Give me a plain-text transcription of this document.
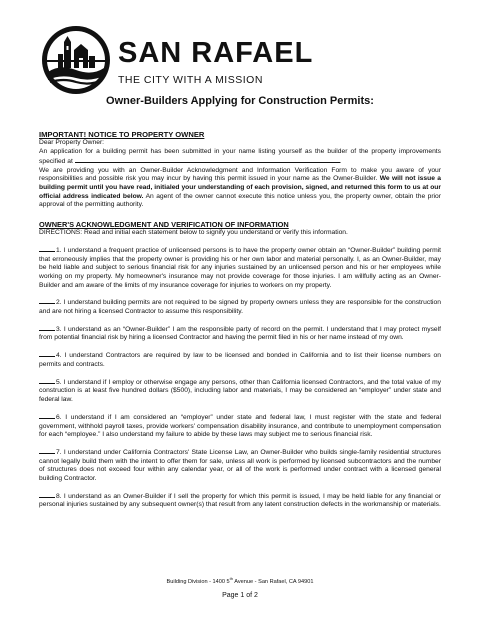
SAN RAFAEL
THE CITY WITH A MISSION
Owner-Builders Applying for Construction Permits:
IMPORTANT! NOTICE TO PROPERTY OWNER

Dear Property Owner:

An application for a building permit has been submitted in your name listing yourself as the builder of the property improvements specified at	.

We are providing you with an Owner-Builder Acknowledgment and Information Verification Form to make you aware of your responsibilities and possible risk you may incur by having this permit issued in your name as the Owner-Builder. We will not issue a building permit until you have read, initialed your understanding of each provision, signed, and returned this form to us at our official address indicated below. An agent of the owner cannot execute this notice unless you, the property owner, obtain the prior approval of the permitting authority.

OWNER'S ACKNOWLEDGMENT AND VERIFICATION OF INFORMATION

DIRECTIONS: Read and initial each statement below to signify you understand or verify this information.

1. I understand a frequent practice of unlicensed persons is to have the property owner obtain an “Owner-Builder” building permit that erroneously implies that the property owner is providing his or her own labor and material personally. I, as an Owner-Builder, may be held liable and subject to serious financial risk for any injuries sustained by an unlicensed person and his or her employees while working on my property. My homeowner's insurance may not provide coverage for those injuries. I am willfully acting as an Owner-Builder and am aware of the limits of my insurance coverage for injuries to workers on my property.
2. I understand building permits are not required to be signed by property owners unless they are responsible for the construction and are not hiring a licensed Contractor to assume this responsibility.
3. I understand as an “Owner-Builder” I am the responsible party of record on the permit. I understand that I may protect myself from potential financial risk by hiring a licensed Contractor and having the permit filed in his or her name instead of my own.
4. I understand Contractors are required by law to be licensed and bonded in California and to list their license numbers on permits and contracts.
5. I understand if I employ or otherwise engage any persons, other than California licensed Contractors, and the total value of my construction is at least five hundred dollars ($500), including labor and materials, I may be considered an “employer” under state and federal law.
6. I understand if I am considered an “employer” under state and federal law, I must register with the state and federal government, withhold payroll taxes, provide workers' compensation disability insurance, and contribute to unemployment compensation for each “employee.” I also understand my failure to abide by these laws may subject me to serious financial risk.
7. I understand under California Contractors' State License Law, an Owner-Builder who builds single-family residential structures cannot legally build them with the intent to offer them for sale, unless all work is performed by licensed subcontractors and the number of structures does not exceed four within any calendar year, or all of the work is performed under contract with a licensed general building Contractor.
8. I understand as an Owner-Builder if I sell the property for which this permit is issued, I may be held liable for any financial or personal injuries sustained by any subsequent owner(s) that result from any latent construction defects in the workmanship or materials.
Building Division - 1400 5th Avenue - San Rafael, CA 94901
Page 1 of 2
